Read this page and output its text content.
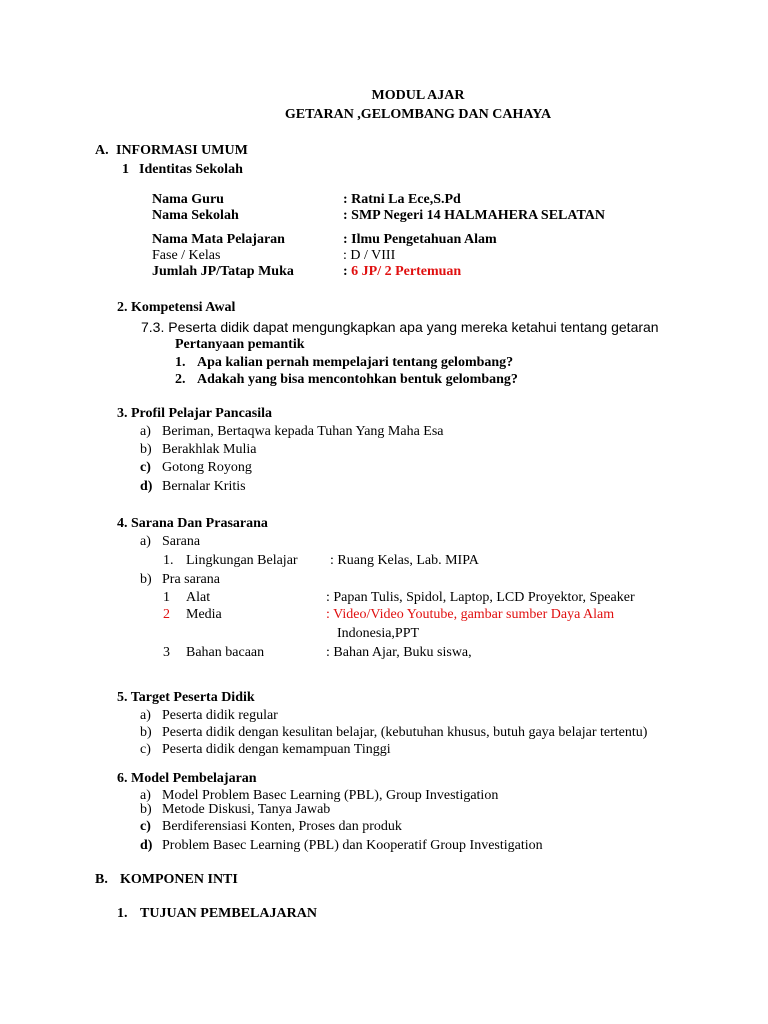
MODUL AJAR
GETARAN ,GELOMBANG DAN CAHAYA
A. INFORMASI UMUM
1 Identitas Sekolah
Nama Guru	: Ratni La Ece,S.Pd
Nama Sekolah	: SMP Negeri 14 HALMAHERA SELATAN
Nama Mata Pelajaran	: Ilmu Pengetahuan Alam
Fase / Kelas	: D / VIII
Jumlah JP/Tatap Muka	: 6 JP/ 2 Pertemuan
2. Kompetensi Awal
7.3. Peserta didik dapat mengungkapkan apa yang mereka ketahui tentang getaran
Pertanyaan pemantik
1. Apa kalian pernah mempelajari tentang gelombang?
2. Adakah yang bisa mencontohkan bentuk gelombang?
3. Profil Pelajar Pancasila
a) Beriman, Bertaqwa kepada Tuhan Yang Maha Esa
b) Berakhlak Mulia
c) Gotong Royong
d) Bernalar Kritis
4. Sarana Dan Prasarana
a) Sarana
1. Lingkungan Belajar : Ruang Kelas, Lab. MIPA
b) Pra sarana
1 Alat	: Papan Tulis, Spidol, Laptop, LCD Proyektor, Speaker
2 Media	: Video/Video Youtube, gambar sumber Daya Alam
Indonesia,PPT
3 Bahan bacaan	: Bahan Ajar, Buku siswa,
5. Target Peserta Didik
a) Peserta didik regular
b) Peserta didik dengan kesulitan belajar, (kebutuhan khusus, butuh gaya belajar tertentu)
c) Peserta didik dengan kemampuan Tinggi
6. Model Pembelajaran
a) Model Problem Basec Learning (PBL), Group Investigation
b) Metode Diskusi, Tanya Jawab
c) Berdiferensiasi Konten, Proses dan produk
d) Problem Basec Learning (PBL) dan Kooperatif Group Investigation
B. KOMPONEN INTI
1. TUJUAN PEMBELAJARAN
